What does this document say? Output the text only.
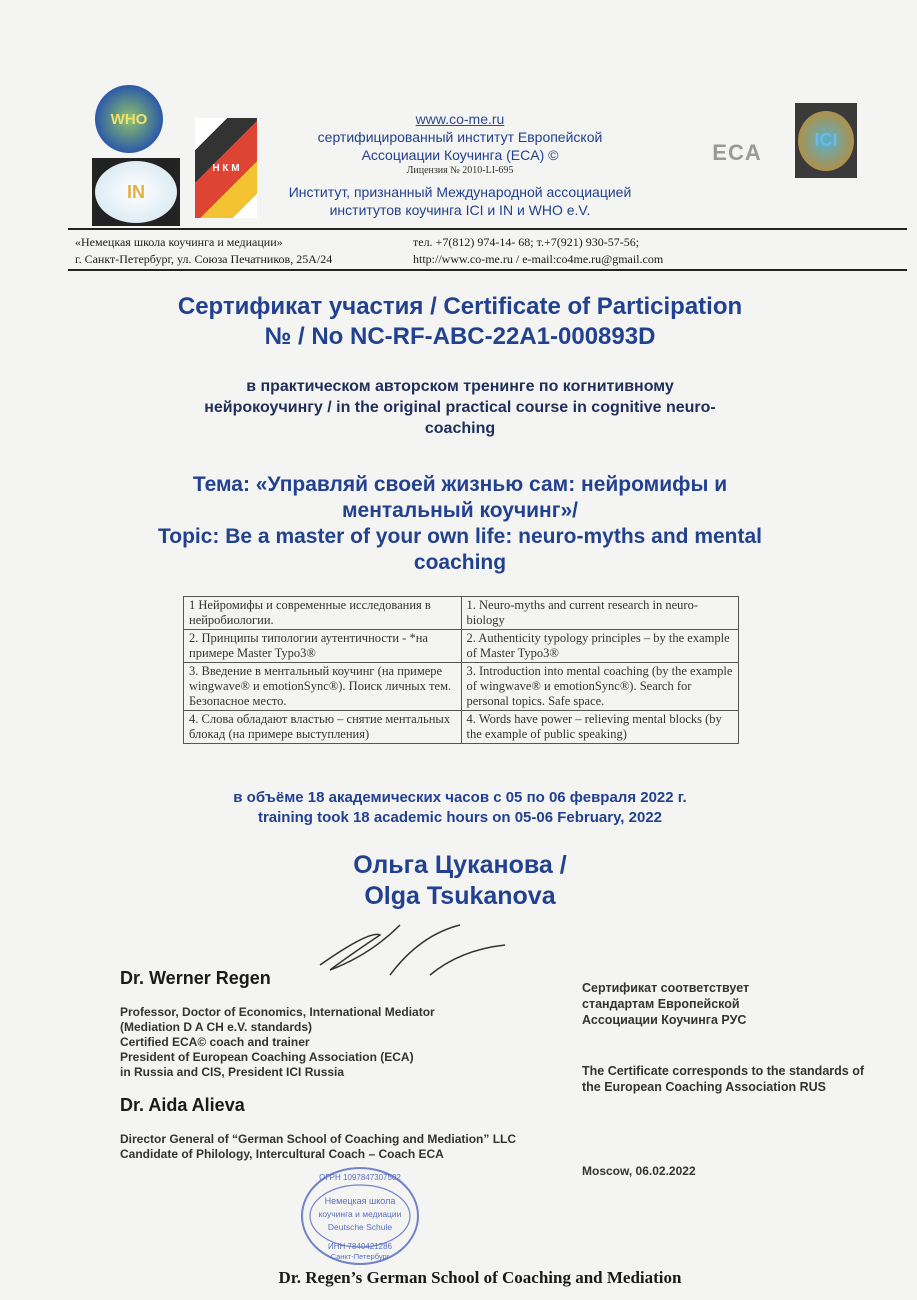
WHO
IN
Н К М
ECA	ICI
www.co-me.ru
сертифицированный институт Европейской
Ассоциации Коучинга (ECA) ©
Лицензия № 2010-LI-695
Институт, признанный Международной ассоциацией
институтов коучинга ICI и IN и WHO e.V.
«Немецкая школа коучинга и медиации»
г. Санкт-Петербург, ул. Союза Печатников, 25А/24
тел. +7(812) 974-14- 68; т.+7(921) 930-57-56;
http://www.co-me.ru / e-mail:co4me.ru@gmail.com
Сертификат участия / Certificate of Participation
№ / No NC-RF-ABC-22A1-000893D
в практическом авторском тренинге по когнитивному нейрокоучингу / in the original practical course in cognitive neuro-coaching
Тема: «Управляй своей жизнью сам: нейромифы и ментальный коучинг»/
Topic: Be a master of your own life: neuro-myths and mental coaching
1 Нейромифы и современные исследования в нейробиологии.	1. Neuro-myths and current research in neuro-biology
2. Принципы типологии аутентичности - *на примере Master Typo3®	2. Authenticity typology principles – by the example of Master Typo3®
3. Введение в ментальный коучинг (на примере wingwave® и emotionSync®). Поиск личных тем. Безопасное место.	3. Introduction into mental coaching (by the example of wingwave® и emotionSync®). Search for personal topics. Safe space.
4. Слова обладают властью – снятие ментальных блокад (на примере выступления)	4. Words have power – relieving mental blocks (by the example of public speaking)
в объёме 18 академических часов с 05 по 06 февраля 2022 г.
training took 18 academic hours on 05-06 February, 2022
Ольга Цуканова /
Olga Tsukanova
ОГРН 1097847307502
Немецкая школа
коучинга и медиации
Deutsche Schule
ИНН 7840421286
Санкт-Петербург
Dr. Werner Regen

Professor, Doctor of Economics, International Mediator

(Mediation D A CH e.V. standards)

Certified ECA© coach and trainer

President of European Coaching Association (ECA)

in Russia and CIS, President ICI Russia

Dr. Aida Alieva

Director General of “German School of Coaching and Mediation” LLC

Candidate of Philology, Intercultural Coach – Coach ECA

Сертификат соответствует стандартам Европейской Ассоциации Коучинга РУС
The Certificate corresponds to the standards of the European Coaching Association RUS
Moscow, 06.02.2022
Dr. Regen’s German School of Coaching and Mediation
